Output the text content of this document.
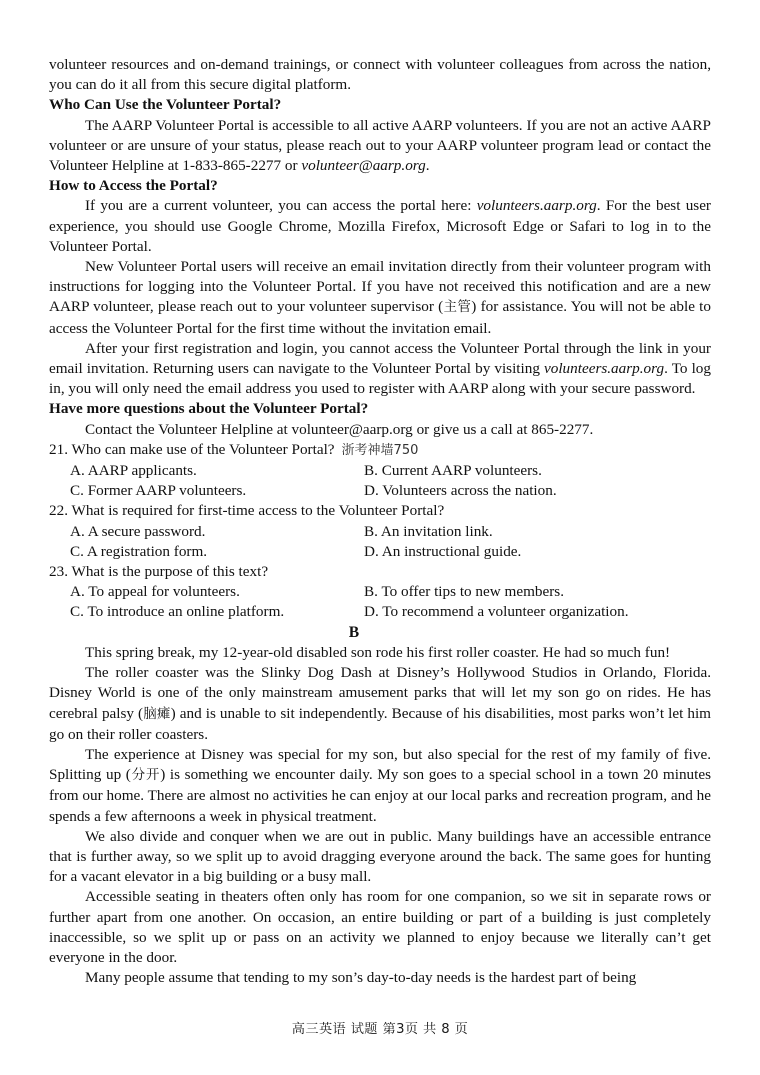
volunteer resources and on-demand trainings, or connect with volunteer colleagues from across the nation, you can do it all from this secure digital platform.

Who Can Use the Volunteer Portal?

The AARP Volunteer Portal is accessible to all active AARP volunteers. If you are not an active AARP volunteer or are unsure of your status, please reach out to your AARP volunteer program lead or contact the Volunteer Helpline at 1-833-865-2277 or volunteer@aarp.org.

How to Access the Portal?

If you are a current volunteer, you can access the portal here: volunteers.aarp.org. For the best user experience, you should use Google Chrome, Mozilla Firefox, Microsoft Edge or Safari to log in to the Volunteer Portal.

New Volunteer Portal users will receive an email invitation directly from their volunteer program with instructions for logging into the Volunteer Portal. If you have not received this notification and are a new AARP volunteer, please reach out to your volunteer supervisor (主管) for assistance. You will not be able to access the Volunteer Portal for the first time without the invitation email.

After your first registration and login, you cannot access the Volunteer Portal through the link in your email invitation. Returning users can navigate to the Volunteer Portal by visiting volunteers.aarp.org. To log in, you will only need the email address you used to register with AARP along with your secure password.

Have more questions about the Volunteer Portal?

Contact the Volunteer Helpline at volunteer@aarp.org or give us a call at 865-2277.

21. Who can make use of the Volunteer Portal? 浙考神墙750

A. AARP applicants.	B. Current AARP volunteers.
C. Former AARP volunteers.	D. Volunteers across the nation.

22. What is required for first-time access to the Volunteer Portal?

A. A secure password.	B. An invitation link.
C. A registration form.	D. An instructional guide.

23. What is the purpose of this text?

A. To appeal for volunteers.	B. To offer tips to new members.
C. To introduce an online platform.	D. To recommend a volunteer organization.
B

This spring break, my 12-year-old disabled son rode his first roller coaster. He had so much fun!

The roller coaster was the Slinky Dog Dash at Disney’s Hollywood Studios in Orlando, Florida. Disney World is one of the only mainstream amusement parks that will let my son go on rides. He has cerebral palsy (脑瘫) and is unable to sit independently. Because of his disabilities, most parks won’t let him go on their roller coasters.

The experience at Disney was special for my son, but also special for the rest of my family of five. Splitting up (分开) is something we encounter daily. My son goes to a special school in a town 20 minutes from our home. There are almost no activities he can enjoy at our local parks and recreation program, and he spends a few afternoons a week in physical treatment.

We also divide and conquer when we are out in public. Many buildings have an accessible entrance that is further away, so we split up to avoid dragging everyone around the back. The same goes for hunting for a vacant elevator in a big building or a busy mall.

Accessible seating in theaters often only has room for one companion, so we sit in separate rows or further apart from one another. On occasion, an entire building or part of a building is just completely inaccessible, so we split up or pass on an activity we planned to enjoy because we literally can’t get everyone in the door.

Many people assume that tending to my son’s day-to-day needs is the hardest part of being

高三英语 试题 第3页 共 8 页
